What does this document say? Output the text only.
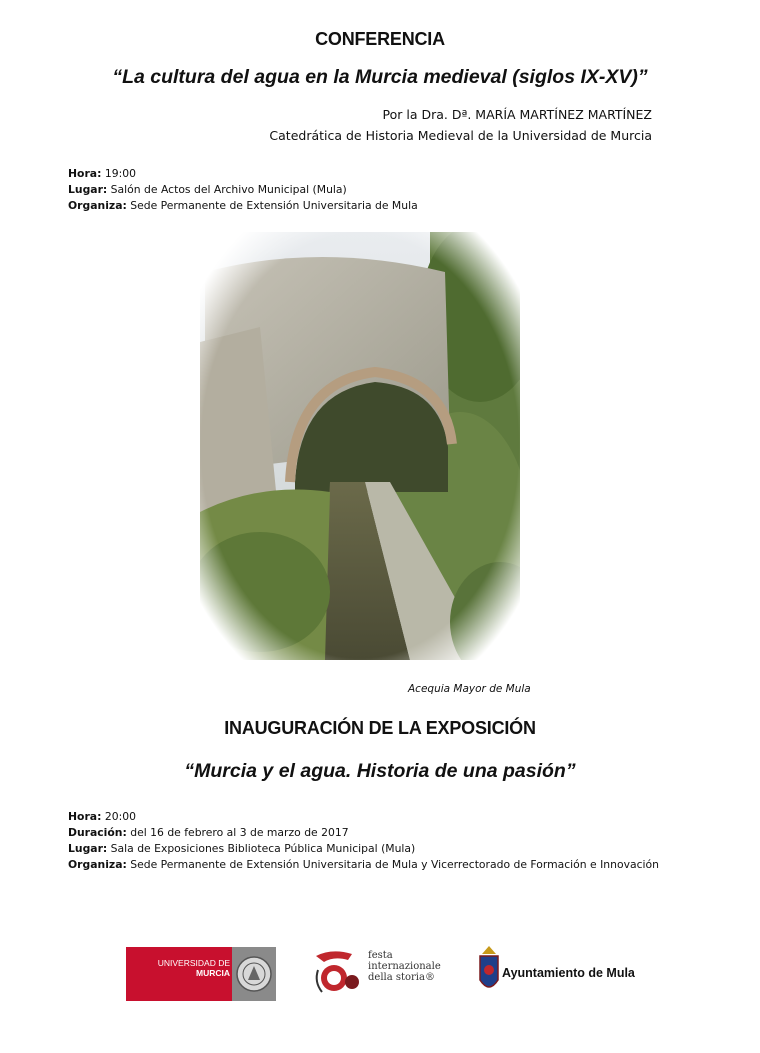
CONFERENCIA
“La cultura del agua en la Murcia medieval (siglos IX-XV)”
Por la Dra. Dª. MARÍA MARTÍNEZ MARTÍNEZ
Catedrática de Historia Medieval de la Universidad de Murcia
Hora: 19:00
Lugar: Salón de Actos del Archivo Municipal (Mula)
Organiza: Sede Permanente de Extensión Universitaria de Mula
Acequia Mayor de Mula
INAUGURACIÓN DE LA EXPOSICIÓN
“Murcia y el agua. Historia de una pasión”
Hora: 20:00
Duración: del 16 de febrero al 3 de marzo de 2017
Lugar: Sala de Exposiciones Biblioteca Pública Municipal (Mula)
Organiza: Sede Permanente de Extensión Universitaria de Mula y Vicerrectorado de Formación e Innovación
UNIVERSIDAD DE
MURCIA
festa
internazionale
della storia®	Ayuntamiento de Mula
